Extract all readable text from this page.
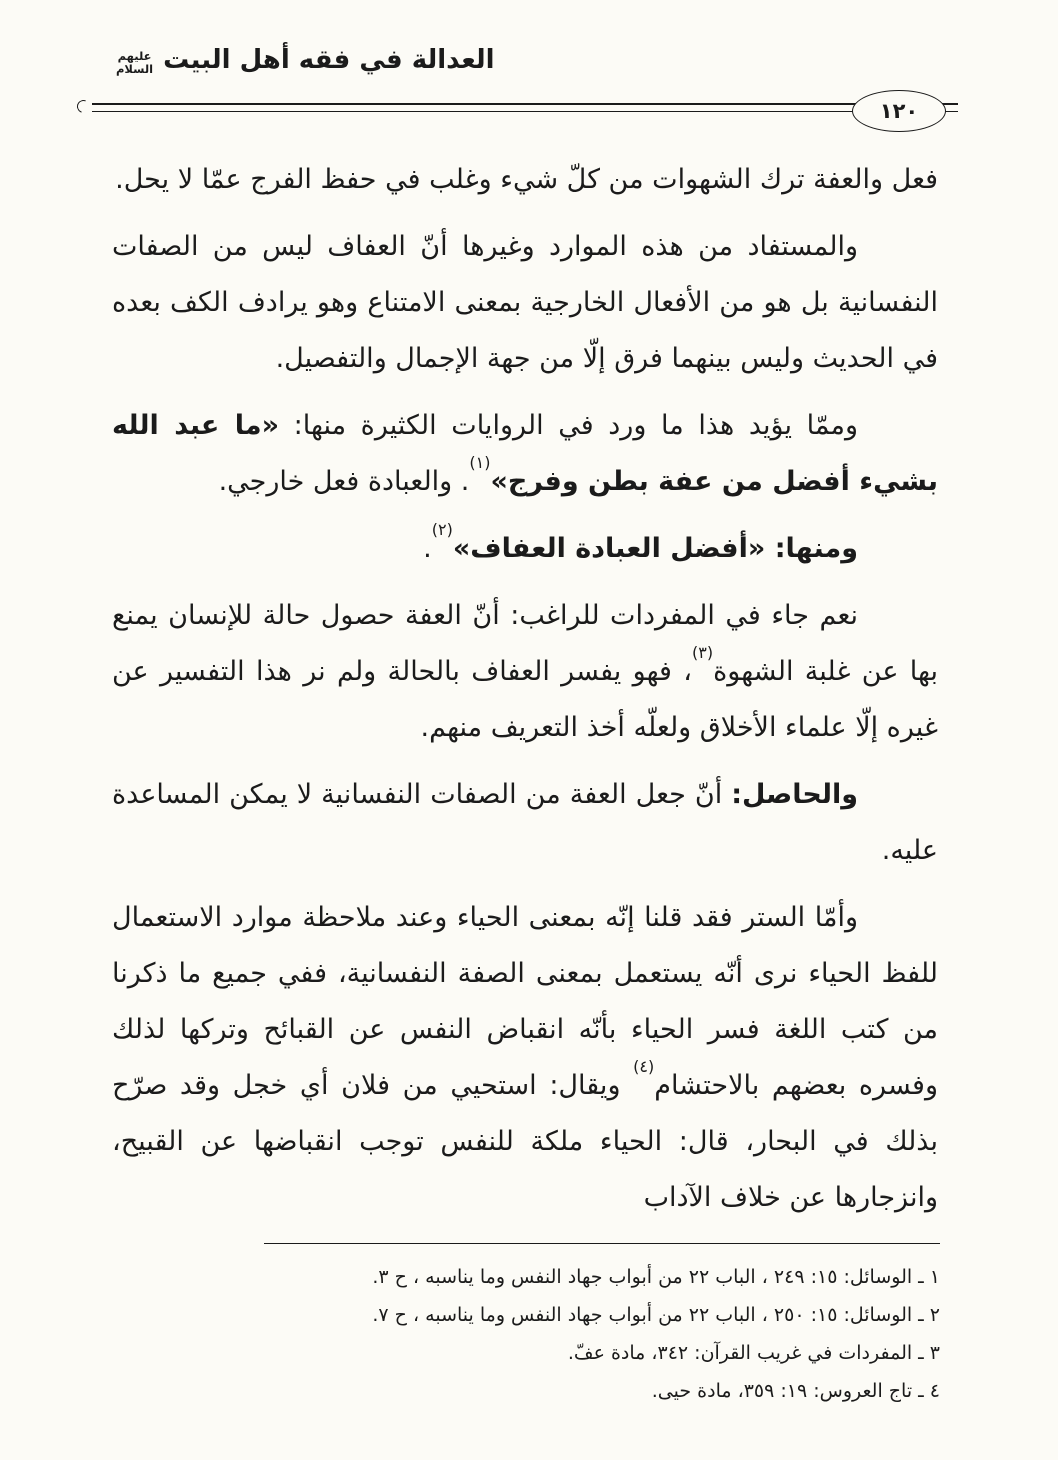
العدالة في فقه أهل البيت
عليهم
السلام
١٢٠

فعل والعفة ترك الشهوات من كلّ شيء وغلب في حفظ الفرج عمّا لا يحل.

والمستفاد من هذه الموارد وغيرها أنّ العفاف ليس من الصفات النفسانية بل هو من الأفعال الخارجية بمعنى الامتناع وهو يرادف الكف بعده في الحديث وليس بينهما فرق إلّا من جهة الإجمال والتفصيل.

وممّا يؤيد هذا ما ورد في الروايات الكثيرة منها: «ما عبد الله بشيء أفضل من عفة بطن وفرج»$^{(١)}$. والعبادة فعل خارجي.

ومنها: «أفضل العبادة العفاف»$^{(٢)}$.

نعم جاء في المفردات للراغب: أنّ العفة حصول حالة للإنسان يمنع بها عن غلبة الشهوة$^{(٣)}$، فهو يفسر العفاف بالحالة ولم نر هذا التفسير عن غيره إلّا علماء الأخلاق ولعلّه أخذ التعريف منهم.

والحاصل: أنّ جعل العفة من الصفات النفسانية لا يمكن المساعدة عليه.

وأمّا الستر فقد قلنا إنّه بمعنى الحياء وعند ملاحظة موارد الاستعمال للفظ الحياء نرى أنّه يستعمل بمعنى الصفة النفسانية، ففي جميع ما ذكرنا من كتب اللغة فسر الحياء بأنّه انقباض النفس عن القبائح وتركها لذلك وفسره بعضهم بالاحتشام$^{(٤)}$ ويقال: استحيي من فلان أي خجل وقد صرّح بذلك في البحار، قال: الحياء ملكة للنفس توجب انقباضها عن القبيح، وانزجارها عن خلاف الآداب

١ ـ الوسائل: ١٥: ٢٤٩ ، الباب ٢٢ من أبواب جهاد النفس وما يناسبه ، ح ٣.
٢ ـ الوسائل: ١٥: ٢٥٠ ، الباب ٢٢ من أبواب جهاد النفس وما يناسبه ، ح ٧.
٣ ـ المفردات في غريب القرآن: ٣٤٢، مادة عفّ.
٤ ـ تاج العروس: ١٩: ٣٥٩، مادة حيى.
